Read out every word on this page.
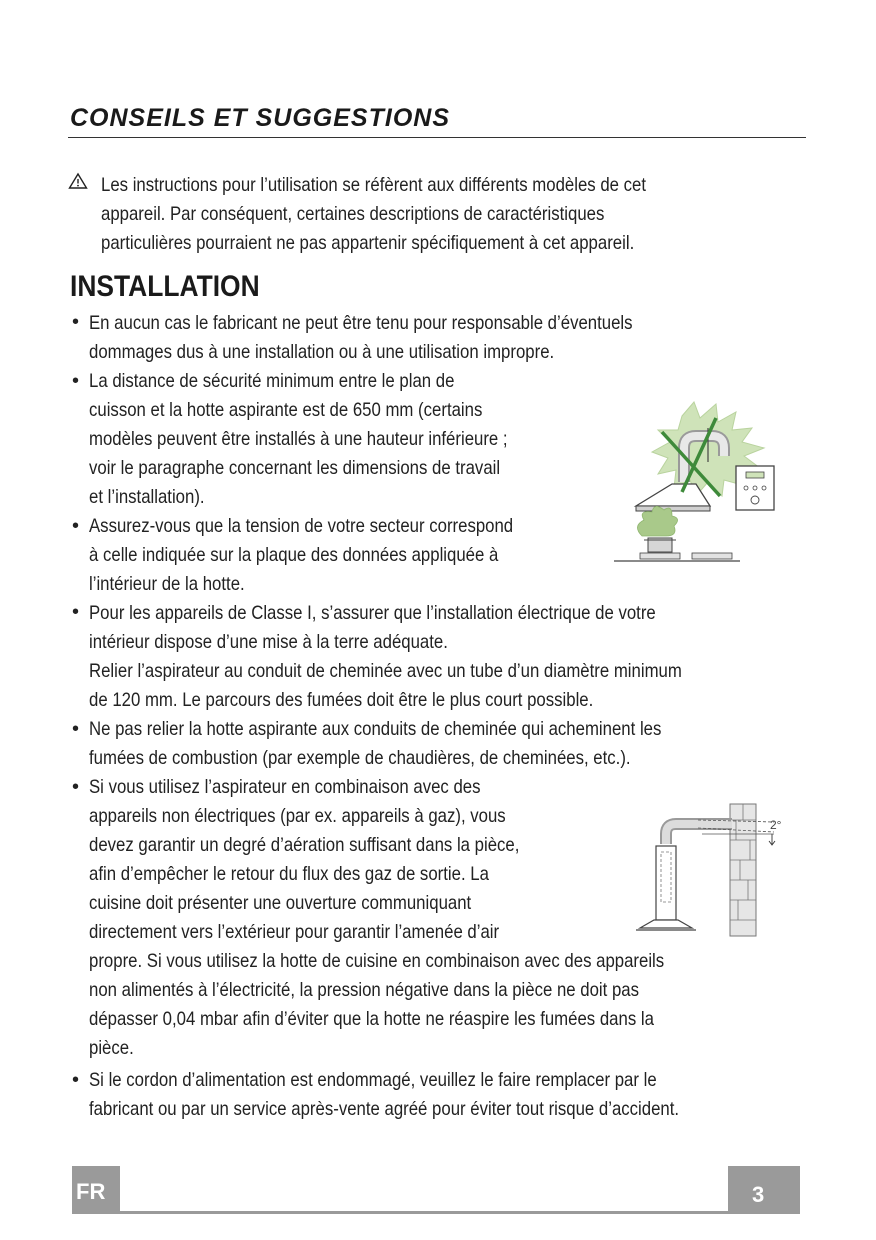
CONSEILS ET SUGGESTIONS
Les instructions pour l’utilisation se réfèrent aux différents modèles de cet
appareil. Par conséquent, certaines descriptions de caractéristiques
particulières pourraient ne pas appartenir spécifiquement à cet appareil.
INSTALLATION
•
•
•
•
•
•
•
En aucun cas le fabricant ne peut être tenu pour responsable d’éventuels
dommages dus à une installation ou à une utilisation impropre.
La distance de sécurité minimum entre le plan de
cuisson et la hotte aspirante est de 650 mm (certains
modèles peuvent être installés à une hauteur inférieure ;
voir le paragraphe concernant les dimensions de travail
et l’installation).
Assurez-vous que la tension de votre secteur correspond
à celle indiquée sur la plaque des données appliquée à
l’intérieur de la hotte.
Pour les appareils de Classe I, s’assurer que l’installation électrique de votre
intérieur dispose d’une mise à la terre adéquate.
Relier l’aspirateur au conduit de cheminée avec un tube d’un diamètre minimum
de 120 mm. Le parcours des fumées doit être le plus court possible.
Ne pas relier la hotte aspirante aux conduits de cheminée qui acheminent les
fumées de combustion (par exemple de chaudières, de cheminées, etc.).
Si vous utilisez l’aspirateur en combinaison avec des
appareils non électriques (par ex. appareils à gaz), vous
devez garantir un degré d’aération suffisant dans la pièce,
afin d’empêcher le retour du flux des gaz de sortie. La
cuisine doit présenter une ouverture communiquant
directement vers l’extérieur pour garantir l’amenée d’air
propre. Si vous utilisez la hotte de cuisine en combinaison avec des appareils
non alimentés à l’électricité, la pression négative dans la pièce ne doit pas
dépasser 0,04 mbar afin d’éviter que la hotte ne réaspire les fumées dans la
pièce.
Si le cordon d’alimentation est endommagé, veuillez le faire remplacer par le
fabricant ou par un service après-vente agréé pour éviter tout risque d’accident.
2°
FR	3
